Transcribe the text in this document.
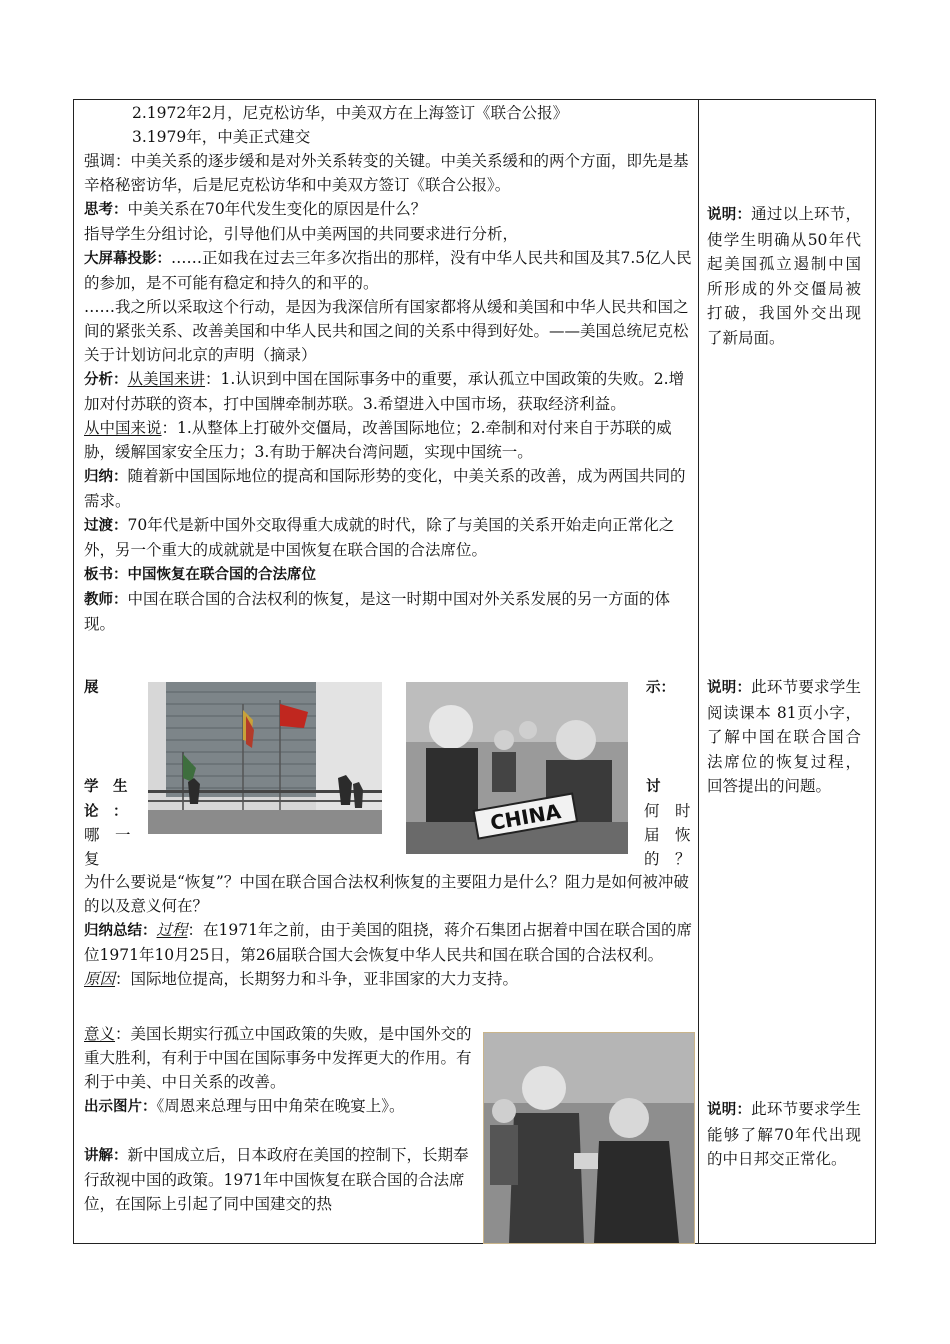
2.1972年2月，尼克松访华，中美双方在上海签订《联合公报》

3.1979年，中美正式建交

强调：中美关系的逐步缓和是对外关系转变的关键。中美关系缓和的两个方面，即先是基辛格秘密访华，后是尼克松访华和中美双方签订《联合公报》。

思考：中美关系在70年代发生变化的原因是什么？

指导学生分组讨论，引导他们从中美两国的共同要求进行分析，

大屏幕投影：……正如我在过去三年多次指出的那样，没有中华人民共和国及其7.5亿人民的参加，是不可能有稳定和持久的和平的。

……我之所以采取这个行动，是因为我深信所有国家都将从缓和美国和中华人民共和国之间的紧张关系、改善美国和中华人民共和国之间的关系中得到好处。——美国总统尼克松关于计划访问北京的声明（摘录）

分析：从美国来讲：1.认识到中国在国际事务中的重要，承认孤立中国政策的失败。2.增加对付苏联的资本，打中国牌牵制苏联。3.希望进入中国市场，获取经济利益。

从中国来说：1.从整体上打破外交僵局，改善国际地位；2.牵制和对付来自于苏联的威胁，缓解国家安全压力；3.有助于解决台湾问题，实现中国统一。

归纳：随着新中国国际地位的提高和国际形势的变化，中美关系的改善，成为两国共同的需求。

过渡：70年代是新中国外交取得重大成就的时代，除了与美国的关系开始走向正常化之外，另一个重大的成就就是中国恢复在联合国的合法席位。

板书：中国恢复在联合国的合法席位

教师：中国在联合国的合法权利的恢复，是这一时期中国对外关系发展的另一方面的体现。

展	示：
学　生	讨
论　：	何　时
哪　一	届　恢
复	的　？
CHINA

为什么要说是“恢复”？中国在联合国合法权利恢复的主要阻力是什么？阻力是如何被冲破的以及意义何在？

归纳总结：过程：在1971年之前，由于美国的阻挠，蒋介石集团占据着中国在联合国的席位1971年10月25日，第26届联合国大会恢复中华人民共和国在联合国的合法权利。

原因：国际地位提高，长期努力和斗争，亚非国家的大力支持。

意义：美国长期实行孤立中国政策的失败，是中国外交的重大胜利，有利于中国在国际事务中发挥更大的作用。有利于中美、中日关系的改善。

出示图片：《周恩来总理与田中角荣在晚宴上》。

讲解：新中国成立后，日本政府在美国的控制下，长期奉行敌视中国的政策。1971年中国恢复在联合国的合法席位，在国际上引起了同中国建交的热

说明：通过以上环节，使学生明确从50年代起美国孤立遏制中国所形成的外交僵局被打破，我国外交出现了新局面。
说明：此环节要求学生阅读课本 81页小字，了解中国在联合国合法席位的恢复过程，回答提出的问题。
说明：此环节要求学生能够了解70年代出现的中日邦交正常化。
